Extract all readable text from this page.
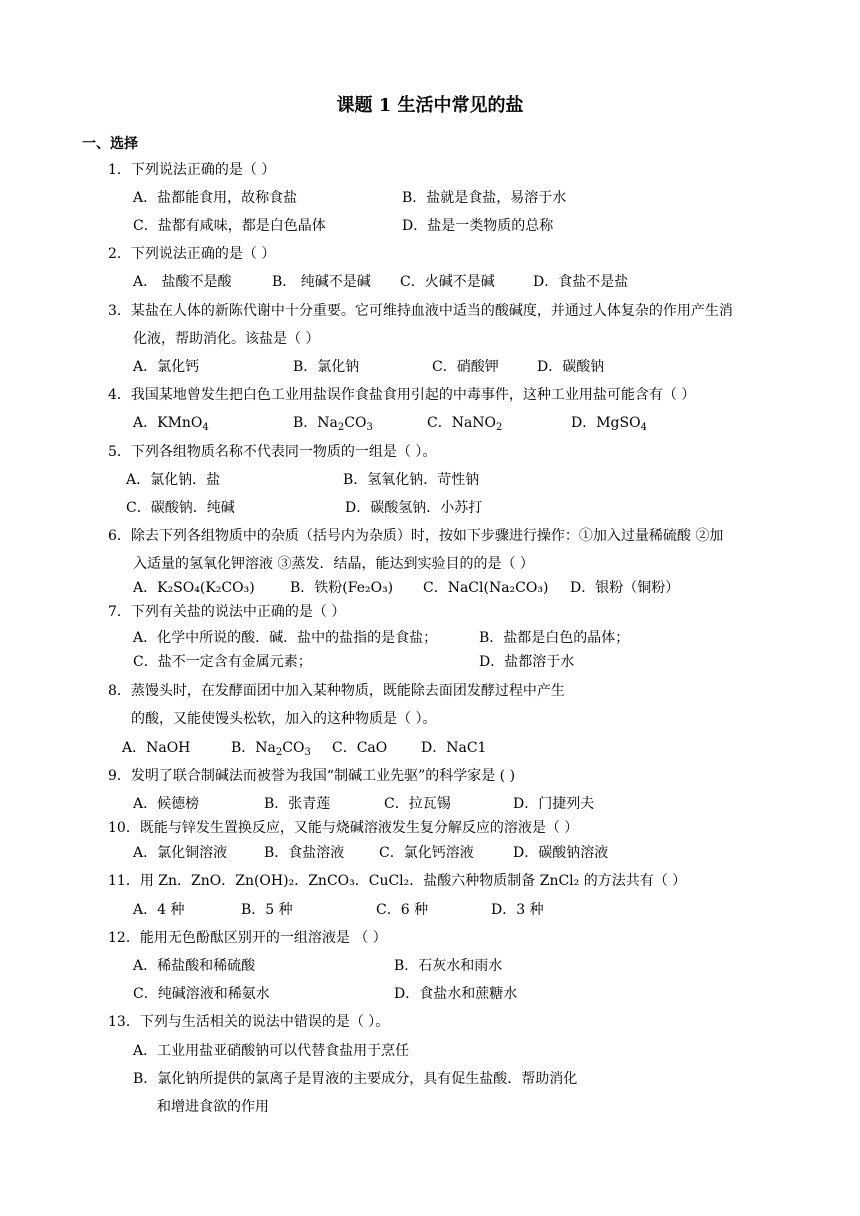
课题 1 生活中常见的盐
一、选择
1．下列说法正确的是（ ）
A．盐都能食用，故称食盐	B．盐就是食盐，易溶于水
C．盐都有咸味，都是白色晶体	D．盐是一类物质的总称
2．下列说法正确的是（ ）
A． 盐酸不是酸	B． 纯碱不是碱 C．火碱不是碱	D．食盐不是盐
3．某盐在人体的新陈代谢中十分重要。它可维持血液中适当的酸碱度，并通过人体复杂的作用产生消
化液，帮助消化。该盐是（ ）
A．氯化钙	B．氯化钠	C．硝酸钾	D．碳酸钠
4．我国某地曾发生把白色工业用盐误作食盐食用引起的中毒事件，这种工业用盐可能含有（ ）
A．KMnO$_4$	B．$Na_2CO_3$	C．NaNO$_2$	D．MgSO$_4$
5．下列各组物质名称不代表同一物质的一组是（ ）。
A．氯化钠．盐	B．氢氧化钠．苛性钠
C．碳酸钠．纯碱	D．碳酸氢钠．小苏打
6．除去下列各组物质中的杂质（括号内为杂质）时，按如下步骤进行操作：①加入过量稀硫酸 ②加
入适量的氢氧化钾溶液 ③蒸发．结晶，能达到实验目的的是（ ）
A．K₂SO₄(K₂CO₃)	B．铁粉(Fe₂O₃) C．NaCl(Na₂CO₃) D．银粉（铜粉）
7．下列有关盐的说法中正确的是（ ）
A．化学中所说的酸．碱．盐中的盐指的是食盐；	B．盐都是白色的晶体；
C．盐不一定含有金属元素；	D．盐都溶于水
8．蒸馒头时，在发酵面团中加入某种物质，既能除去面团发酵过程中产生
的酸，又能使馒头松软，加入的这种物质是（ ）。
A．NaOH	B．$Na_2CO_3$ C．CaO D．NaC1
9．发明了联合制碱法而被誉为我国“制碱工业先驱”的科学家是 ( )
A．候德榜	B．张青莲	C．拉瓦锡	D．门捷列夫
10．既能与锌发生置换反应，又能与烧碱溶液发生复分解反应的溶液是（ ）
A．氯化铜溶液	B．食盐溶液 C．氯化钙溶液	D．碳酸钠溶液
11．用 Zn．ZnO．Zn(OH)₂．ZnCO₃．CuCl₂．盐酸六种物质制备 ZnCl₂ 的方法共有（ ）
A．4 种	B．5 种	C．6 种	D．3 种
12．能用无色酚酞区别开的一组溶液是 （ ）
A．稀盐酸和稀硫酸	B．石灰水和雨水
C．纯碱溶液和稀氨水	D．食盐水和蔗糖水
13．下列与生活相关的说法中错误的是（ ）。
A．工业用盐亚硝酸钠可以代替食盐用于烹任
B．氯化钠所提供的氯离子是胃液的主要成分，具有促生盐酸．帮助消化
和增进食欲的作用
